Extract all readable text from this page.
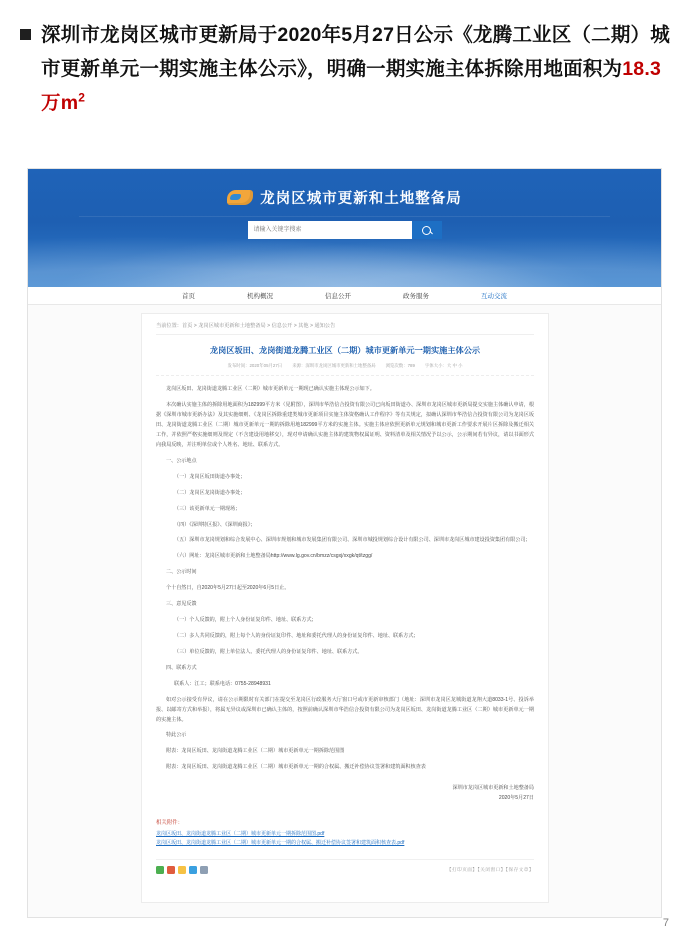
深圳市龙岗区城市更新局于2020年5月27日公示《龙腾工业区（二期）城市更新单元一期实施主体公示》，明确一期实施主体拆除用地面积为18.3万$m^2$
龙岗区城市更新和土地整备局
请输入关键字搜索
首页	机构概况	信息公开	政务服务	互动交流
当前位置：首页 > 龙岗区城市更新和土地整备局 > 信息公开 > 其他 > 通知公告
龙岗区坂田、龙岗街道龙腾工业区（二期）城市更新单元一期实施主体公示
发布时间：2020年05月27日 来源：深圳市龙岗区城市更新和土地整备局 浏览次数：789 字体大小：大 中 小

龙岗区坂田、龙岗街道龙腾工业区（二期）城市更新单元一期现已确认实施主体现公示如下。

本次确认实施主体的拆除用地面积为182999平方米（见附图），深圳市华浩信合投资有限公司已向坂田街道办、深圳市龙岗区城市更新局提交实施主体确认申请，根据《深圳市城市更新办法》及其实施细则、《龙岗区拆除重建类城市更新项目实施主体资格确认工作程序》等有关规定，拟确认深圳市华浩信合投资有限公司为龙岗区坂田、龙岗街道龙腾工业区（二期）城市更新单元一期的拆除用地182999平方米的实施主体。实施主体应依照更新单元规划和城市更新工作要求开展片区拆除及搬迁相关工作，并依照严格实施细则及规定（不含建设用地移交），现对申请确认实施主体的建筑物权属证明、资料清单及相关情况予以公示，公示期间若有异议，请以书面形式向我局反映，并注明单位或个人姓名、地址、联系方式。

一、公示地点

（一）龙岗区坂田街道办事处；

（二）龙岗区龙岗街道办事处；

（三）该更新单元一期现场；

（四）《深圳特区报》、《深圳商报》；

（五）深圳市龙岗规划和综合发展中心、深圳市规划和城市发展集团有限公司、深圳市城投规划综合设计有限公司、深圳市龙岗区城市建设投资集团有限公司；

（六）网址：龙岗区城市更新和土地整备局http://www.lg.gov.cn/bmzz/csgxj/xxgk/qt/tzgg/

二、公示时间

个十自然日，自2020年5月27日起至2020年6月5日止。

三、意见反馈

（一）个人反馈的，附上个人身份证复印件、地址、联系方式；

（二）多人共同反馈的，附上每个人的身份证复印件、地址和委托代理人的身份证复印件、地址、联系方式；

（三）单位反馈的，附上单位法人、委托代理人的身份证复印件、地址、联系方式。

四、联系方式

联系人：江工；联系电话：0755-28948931

如对公示接受有异议，请在公示期限时有关部门在提交至龙岗区行政服务大厅窗口号或市更新审核部门（地址：深圳市龙岗区龙城街道龙翔大道8033-1号、投诉举报、以邮寄方式和举报），将属无异议或深圳市已确认主体的，按照前确认深圳市华浩信合投资有限公司为龙岗区坂田、龙岗街道龙腾工业区（二期）城市更新单元一期的实施主体。

特此公示

附表：龙岗区坂田、龙岗街道龙腾工业区（二期）城市更新单元一期拆除范围图

附表：龙岗区坂田、龙岗街道龙腾工业区（二期）城市更新单元一期的合权属、搬迁补偿协议签署和建筑面积核查表

深圳市龙岗区城市更新和土地整备局
2020年5月27日
相关附件：
龙岗区坂田、龙岗街道龙腾工业区（二期）城市更新单元一期拆除范围图.pdf
龙岗区坂田、龙岗街道龙腾工业区（二期）城市更新单元一期的合权属、搬迁补偿协议签署和建筑面积核查表.pdf
【打印页面】【关闭窗口】【保存文章】
7
